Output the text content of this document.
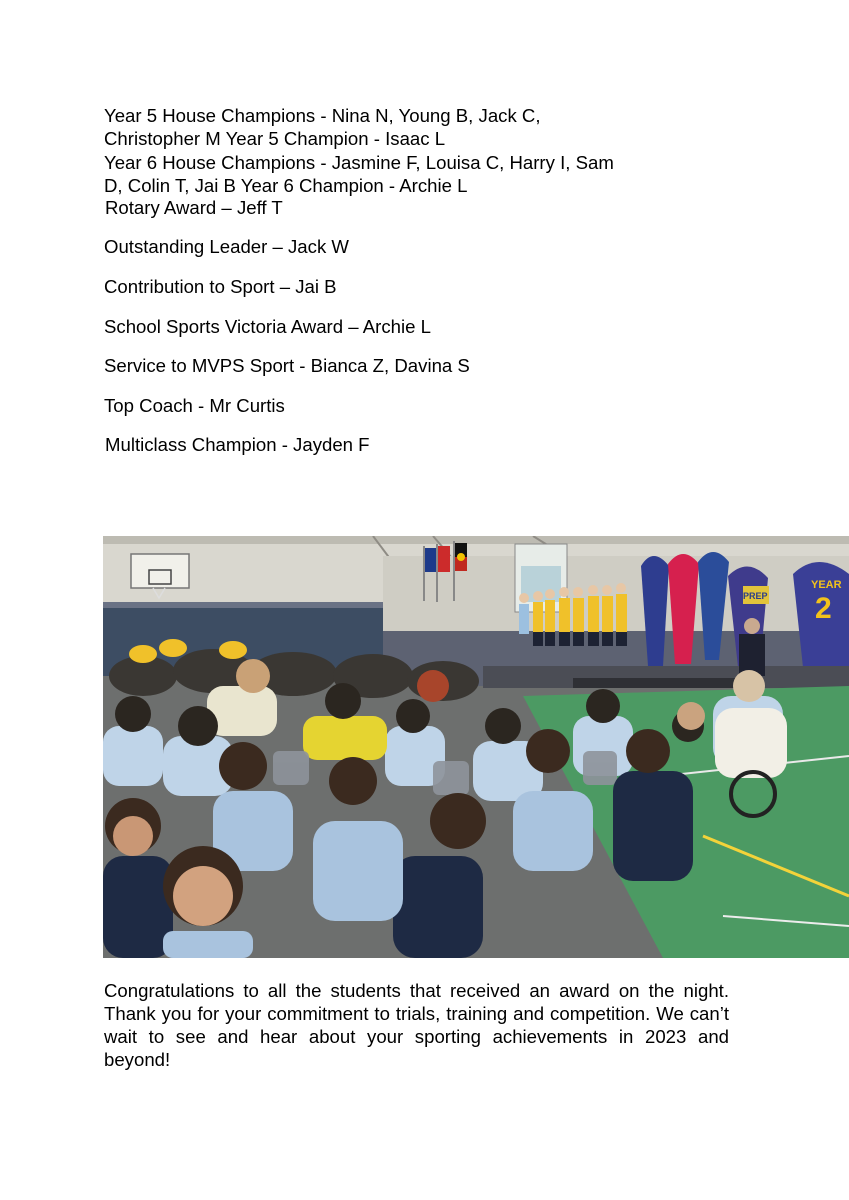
Year 5 House Champions - Nina N, Young B, Jack C,
Christopher M Year 5 Champion - Isaac L
Year 6 House Champions - Jasmine F, Louisa C, Harry I, Sam
D, Colin T, Jai B Year 6 Champion - Archie L
Rotary Award – Jeff T
Outstanding Leader – Jack W
Contribution to Sport – Jai B
School Sports Victoria Award – Archie L
Service to MVPS Sport - Bianca Z, Davina S
Top Coach - Mr Curtis
Multiclass Champion - Jayden F
YEAR
2
PREP

Congratulations to all the students that received an award on the night. Thank you for your commitment to trials, training and competition. We can’t wait to see and hear about your sporting achievements in 2023 and beyond!
